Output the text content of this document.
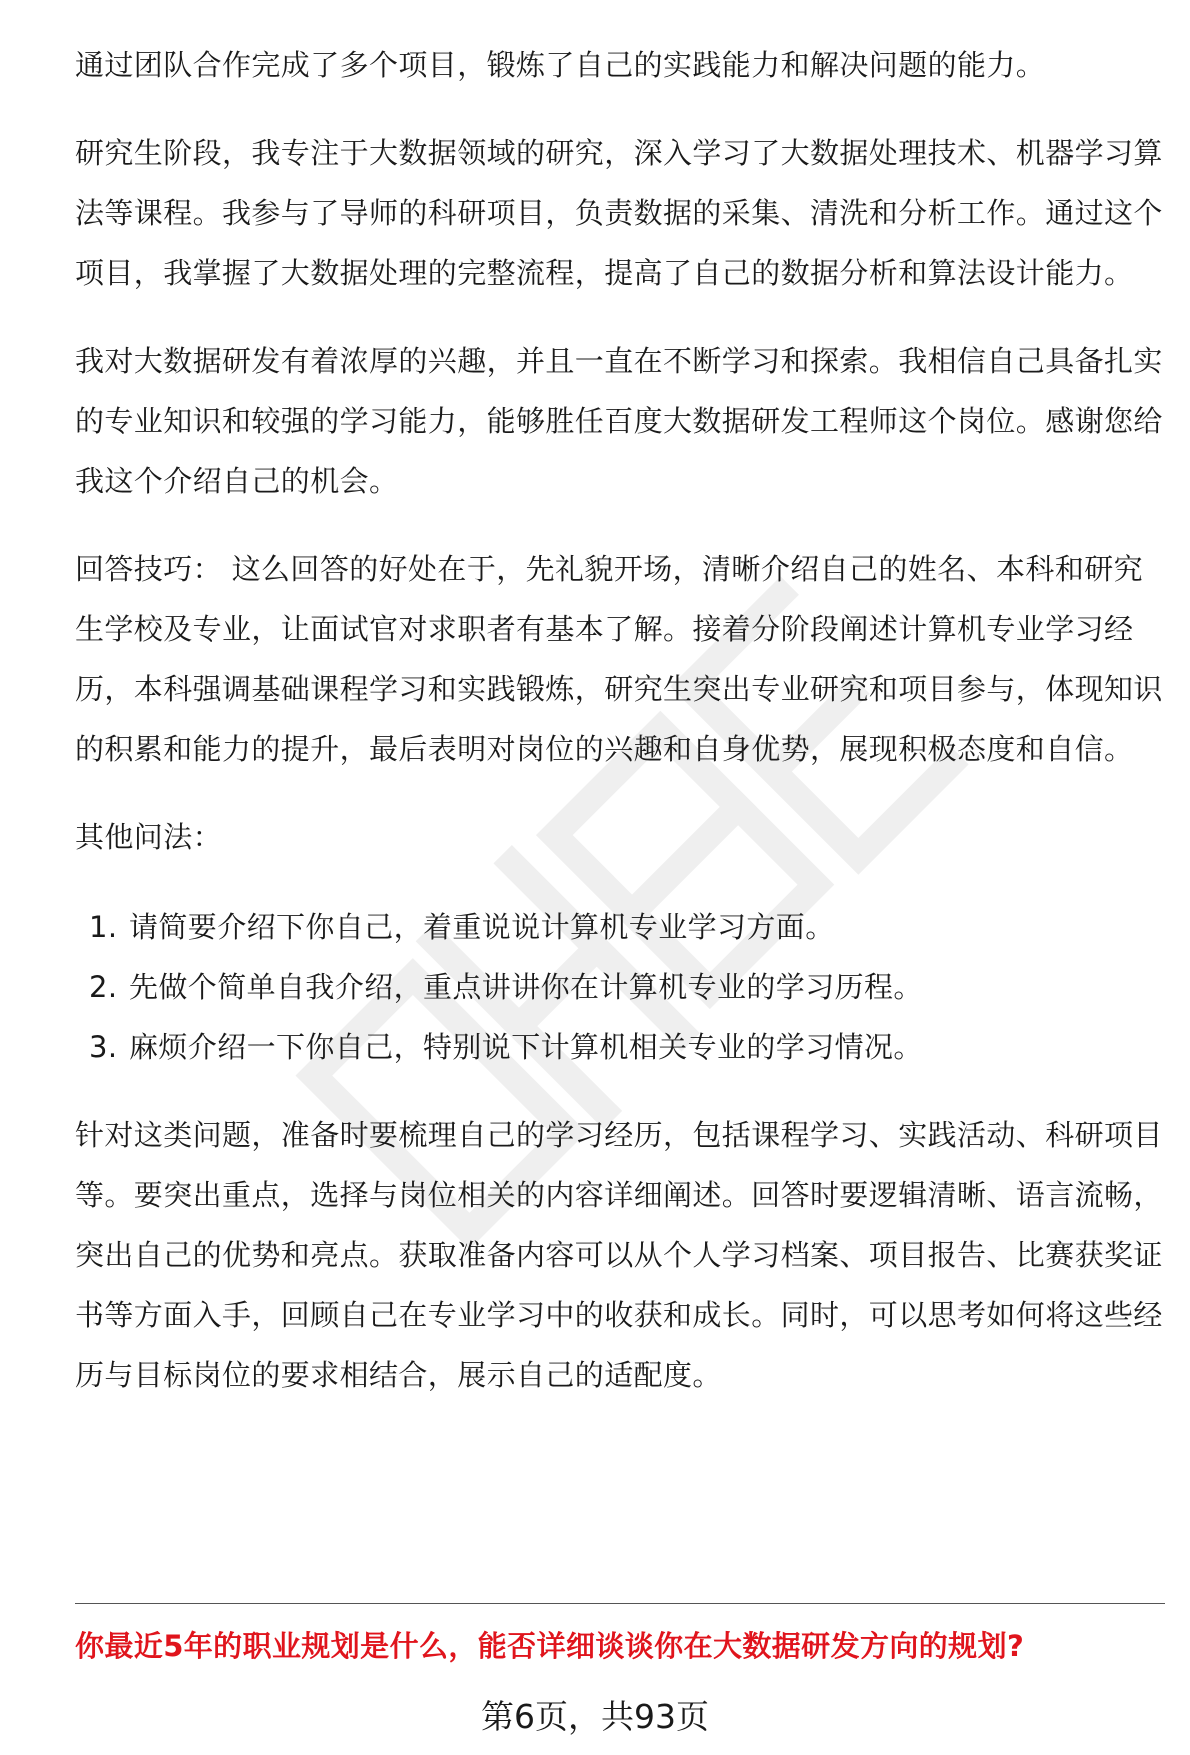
通过团队合作完成了多个项目，锻炼了自己的实践能力和解决问题的能力。

研究生阶段，我专注于大数据领域的研究，深入学习了大数据处理技术、机器学习算法等课程。我参与了导师的科研项目，负责数据的采集、清洗和分析工作。通过这个项目，我掌握了大数据处理的完整流程，提高了自己的数据分析和算法设计能力。

我对大数据研发有着浓厚的兴趣，并且一直在不断学习和探索。我相信自己具备扎实的专业知识和较强的学习能力，能够胜任百度大数据研发工程师这个岗位。感谢您给我这个介绍自己的机会。

回答技巧： 这么回答的好处在于，先礼貌开场，清晰介绍自己的姓名、本科和研究生学校及专业，让面试官对求职者有基本了解。接着分阶段阐述计算机专业学习经历，本科强调基础课程学习和实践锻炼，研究生突出专业研究和项目参与，体现知识的积累和能力的提升，最后表明对岗位的兴趣和自身优势，展现积极态度和自信。

其他问法：

1. 请简要介绍下你自己，着重说说计算机专业学习方面。
2. 先做个简单自我介绍，重点讲讲你在计算机专业的学习历程。
3. 麻烦介绍一下你自己，特别说下计算机相关专业的学习情况。

针对这类问题，准备时要梳理自己的学习经历，包括课程学习、实践活动、科研项目等。要突出重点，选择与岗位相关的内容详细阐述。回答时要逻辑清晰、语言流畅，突出自己的优势和亮点。获取准备内容可以从个人学习档案、项目报告、比赛获奖证书等方面入手，回顾自己在专业学习中的收获和成长。同时，可以思考如何将这些经历与目标岗位的要求相结合，展示自己的适配度。

你最近5年的职业规划是什么，能否详细谈谈你在大数据研发方向的规划?
第6页，共93页
